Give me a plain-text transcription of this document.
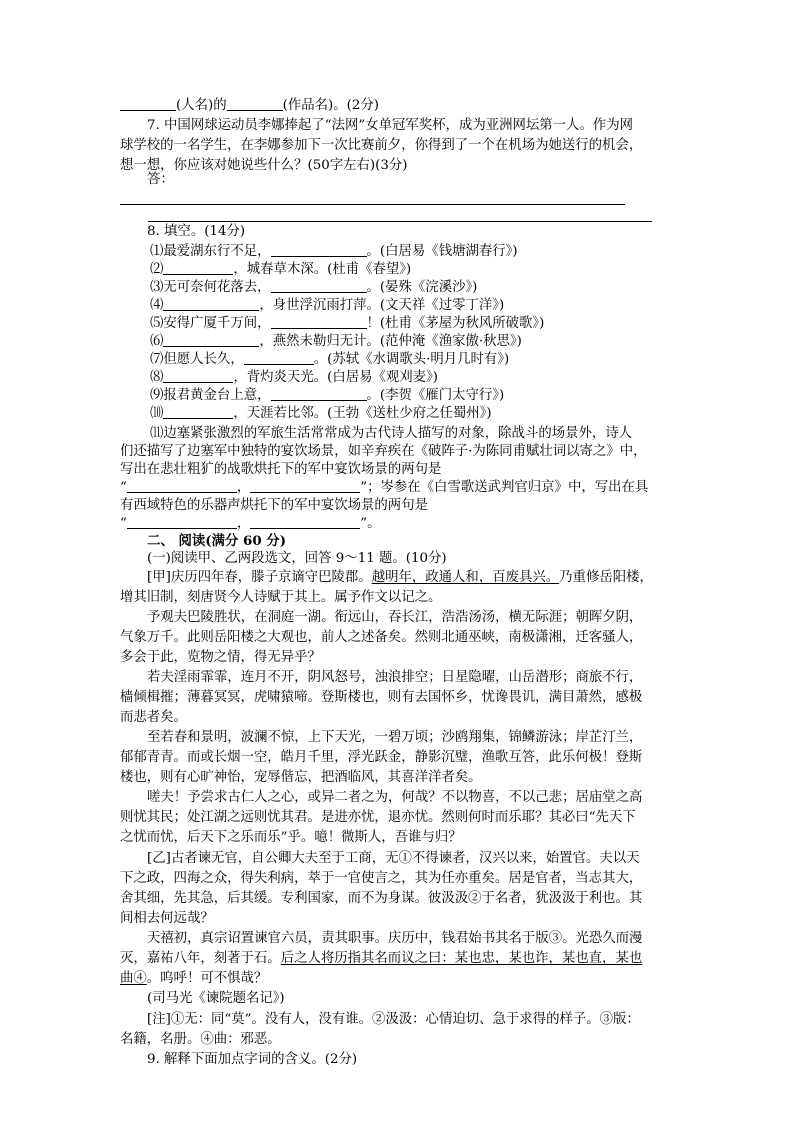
(人名)的	(作品名)。(2分)
7. 中国网球运动员李娜捧起了“法网”女单冠军奖杯，成为亚洲网坛第一人。作为网
球学校的一名学生，在李娜参加下一次比赛前夕，你得到了一个在机场为她送行的机会，
想一想，你应该对她说些什么？(50字左右)(3分)
答：
8. 填空。(14分)
⑴最爱湖东行不足，	。(白居易《钱塘湖春行》)
⑵	，城春草木深。(杜甫《春望》)
⑶无可奈何花落去，	。(晏殊《浣溪沙》)
⑷	，身世浮沉雨打萍。(文天祥《过零丁洋》)
⑸安得广厦千万间，	！(杜甫《茅屋为秋风所破歌》)
⑹	，燕然未勒归无计。(范仲淹《渔家傲·秋思》)
⑺但愿人长久，	。(苏轼《水调歌头·明月几时有》)
⑻	，背灼炎天光。(白居易《观刈麦》)
⑼报君黄金台上意，	。(李贺《雁门太守行》)
⑽	，天涯若比邻。(王勃《送杜少府之任蜀州》)
⑾边塞紧张激烈的军旅生活常常成为古代诗人描写的对象，除战斗的场景外，诗人
们还描写了边塞军中独特的宴饮场景，如辛弃疾在《破阵子·为陈同甫赋壮词以寄之》中，
写出在悲壮粗犷的战歌烘托下的军中宴饮场景的两句是
“	，	”；岑参在《白雪歌送武判官归京》中，写出在具
有西域特色的乐器声烘托下的军中宴饮场景的两句是
“	，	”。
二、 阅读(满分 60 分)
(一)阅读甲、乙两段选文，回答 9～11 题。(10分)
[甲]庆历四年春，滕子京谪守巴陵郡。越明年，政通人和，百废具兴。乃重修岳阳楼，
增其旧制，刻唐贤今人诗赋于其上。属予作文以记之。
予观夫巴陵胜状，在洞庭一湖。衔远山，吞长江，浩浩汤汤，横无际涯；朝晖夕阴，
气象万千。此则岳阳楼之大观也，前人之述备矣。然则北通巫峡，南极潇湘，迁客骚人，
多会于此，览物之情，得无异乎？
若夫淫雨霏霏，连月不开，阴风怒号，浊浪排空；日星隐曜，山岳潜形；商旅不行，
樯倾楫摧；薄暮冥冥，虎啸猿啼。登斯楼也，则有去国怀乡，忧谗畏讥，满目萧然，感极
而悲者矣。
至若春和景明，波澜不惊，上下天光，一碧万顷；沙鸥翔集，锦鳞游泳；岸芷汀兰，
郁郁青青。而或长烟一空，皓月千里，浮光跃金，静影沉璧，渔歌互答，此乐何极！登斯
楼也，则有心旷神怡，宠辱偕忘，把酒临风，其喜洋洋者矣。
嗟夫！予尝求古仁人之心，或异二者之为，何哉？不以物喜，不以己悲；居庙堂之高
则忧其民；处江湖之远则忧其君。是进亦忧，退亦忧。然则何时而乐耶？其必曰“先天下
之忧而忧，后天下之乐而乐”乎。噫！微斯人，吾谁与归？
[乙]古者谏无官，自公卿大夫至于工商，无①不得谏者，汉兴以来，始置官。夫以天
下之政，四海之众，得失利病，萃于一官使言之，其为任亦重矣。居是官者，当志其大，
舍其细，先其急，后其缓。专利国家，而不为身谋。彼汲汲②于名者，犹汲汲于利也。其
间相去何远哉？
天禧初，真宗诏置谏官六员，责其职事。庆历中，钱君始书其名于版③。光恐久而漫
灭，嘉祐八年，刻著于石。后之人将历指其名而议之曰：某也忠，某也诈，某也直，某也
曲④。呜呼！可不惧哉？
(司马光《谏院题名记》)
[注]①无：同“莫”。没有人，没有谁。②汲汲：心情迫切、急于求得的样子。③版：
名籍，名册。④曲：邪恶。
9. 解释下面加点字词的含义。(2分)
